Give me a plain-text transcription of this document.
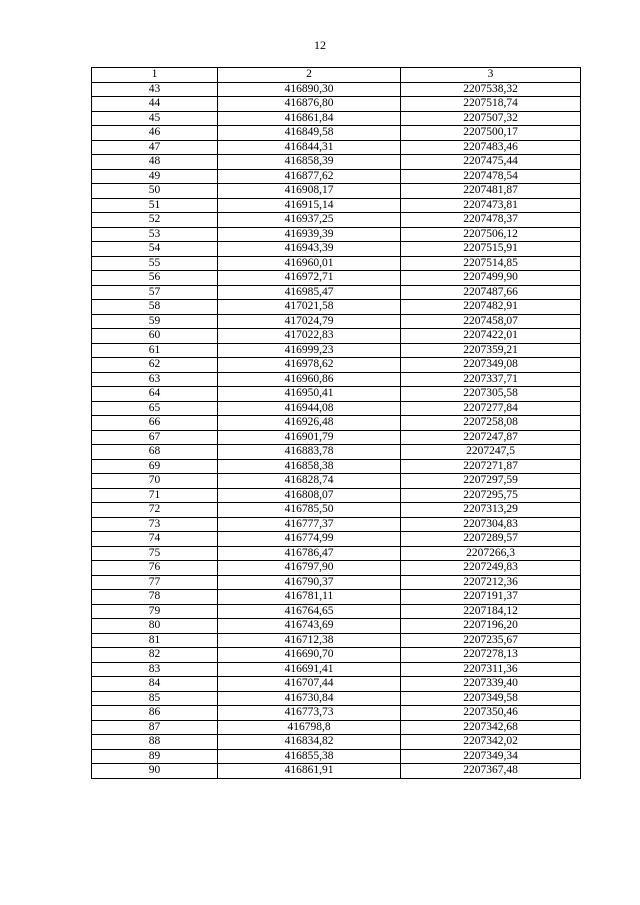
12
1	2	3
43	416890,30	2207538,32
44	416876,80	2207518,74
45	416861,84	2207507,32
46	416849,58	2207500,17
47	416844,31	2207483,46
48	416858,39	2207475,44
49	416877,62	2207478,54
50	416908,17	2207481,87
51	416915,14	2207473,81
52	416937,25	2207478,37
53	416939,39	2207506,12
54	416943,39	2207515,91
55	416960,01	2207514,85
56	416972,71	2207499,90
57	416985,47	2207487,66
58	417021,58	2207482,91
59	417024,79	2207458,07
60	417022,83	2207422,01
61	416999,23	2207359,21
62	416978,62	2207349,08
63	416960,86	2207337,71
64	416950,41	2207305,58
65	416944,08	2207277,84
66	416926,48	2207258,08
67	416901,79	2207247,87
68	416883,78	2207247,5
69	416858,38	2207271,87
70	416828,74	2207297,59
71	416808,07	2207295,75
72	416785,50	2207313,29
73	416777,37	2207304,83
74	416774,99	2207289,57
75	416786,47	2207266,3
76	416797,90	2207249,83
77	416790,37	2207212,36
78	416781,11	2207191,37
79	416764,65	2207184,12
80	416743,69	2207196,20
81	416712,38	2207235,67
82	416690,70	2207278,13
83	416691,41	2207311,36
84	416707,44	2207339,40
85	416730,84	2207349,58
86	416773,73	2207350,46
87	416798,8	2207342,68
88	416834,82	2207342,02
89	416855,38	2207349,34
90	416861,91	2207367,48
